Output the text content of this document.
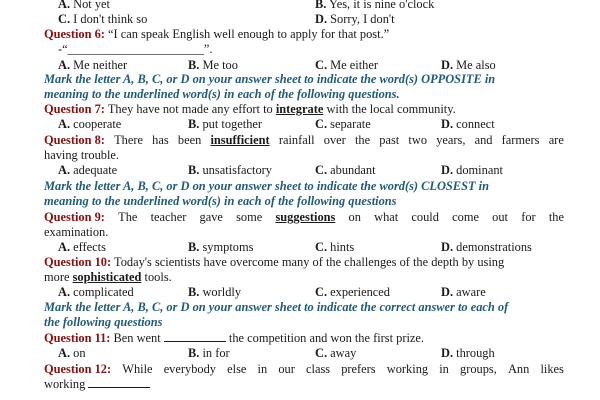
A. Not yet	B. Yes, it is nine o'clock
C. I don't think so	D. Sorry, I don't
Question 6: “I can speak English well enough to apply for that post.”
-“______________________”.
A. Me neither	B. Me too	C. Me either	D. Me also
Mark the letter A, B, C, or D on your answer sheet to indicate the word(s) OPPOSITE in
meaning to the underlined word(s) in each of the following questions.
Question 7: They have not made any effort to integrate with the local community.
A. cooperate	B. put together	C. separate	D. connect
Question 8: There has been insufficient rainfall over the past two years, and farmers are
having trouble.
A. adequate	B. unsatisfactory	C. abundant	D. dominant
Mark the letter A, B, C, or D on your answer sheet to indicate the word(s) CLOSEST in
meaning to the underlined word(s) in each of the following questions
Question 9: The teacher gave some suggestions on what could come out for the
examination.
A. effects	B. symptoms	C. hints	D. demonstrations
Question 10: Today's scientists have overcome many of the challenges of the depth by using
more sophisticated tools.
A. complicated	B. worldly	C. experienced	D. aware
Mark the letter A, B, C, or D on your answer sheet to indicate the correct answer to each of
the following questions
Question 11: Ben went	the competition and won the first prize.
A. on	B. in for	C. away	D. through
Question 12: While everybody else in our class prefers working in groups, Ann likes
working
